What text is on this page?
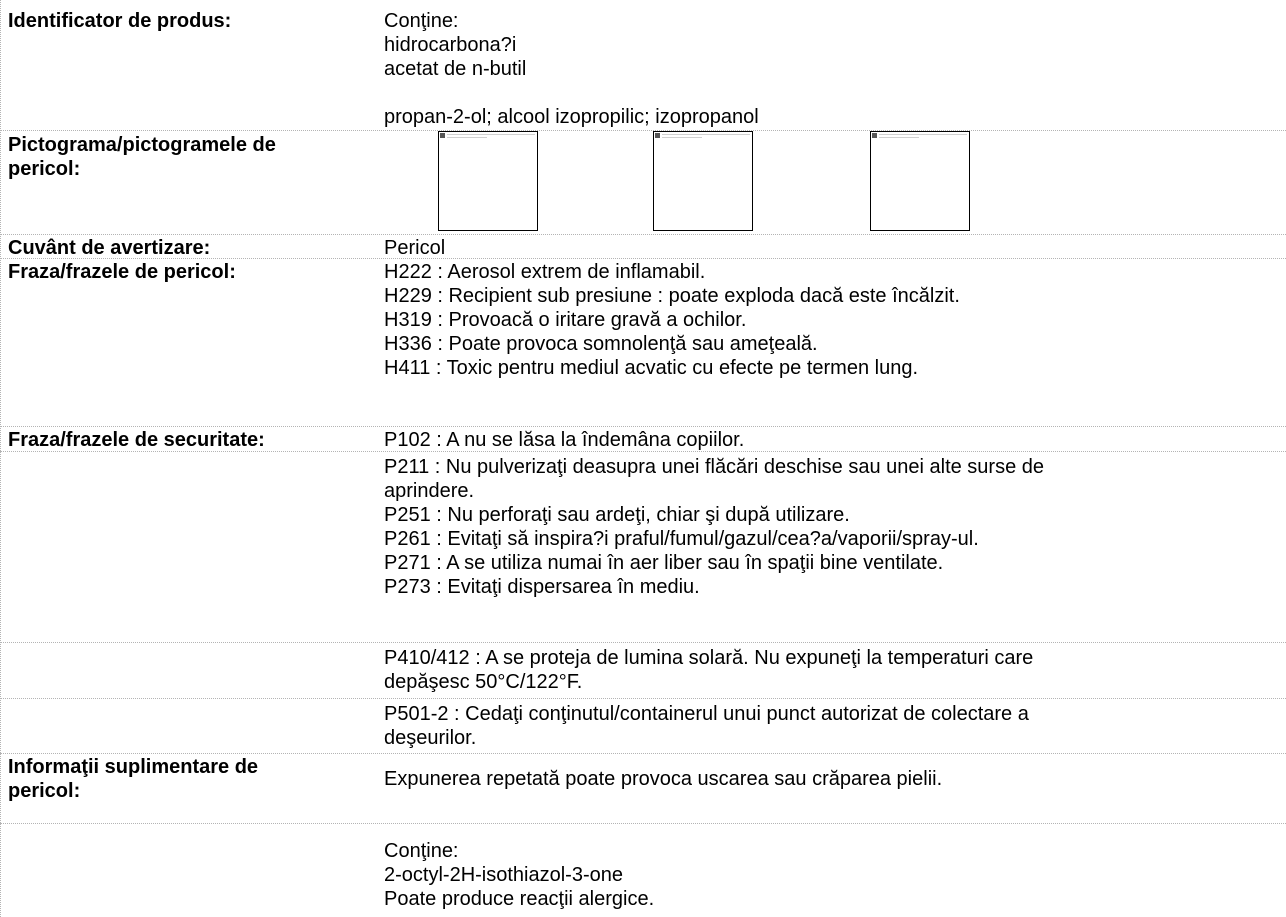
Identificator de produs:	Conţine:
hidrocarbona?i
acetat de n-butil
propan-2-ol; alcool izopropilic; izopropanol
Pictograma/pictogramele de pericol:
Cuvânt de avertizare:	Pericol
Fraza/frazele de pericol:	H222 : Aerosol extrem de inflamabil.
H229 : Recipient sub presiune : poate exploda dacă este încălzit.
H319 : Provoacă o iritare gravă a ochilor.
H336 : Poate provoca somnolenţă sau ameţeală.
H411 : Toxic pentru mediul acvatic cu efecte pe termen lung.
Fraza/frazele de securitate:	P102 : A nu se lăsa la îndemâna copiilor.
P211 : Nu pulverizaţi deasupra unei flăcări deschise sau unei alte surse de
aprindere.
P251 : Nu perforaţi sau ardeţi, chiar şi după utilizare.
P261 : Evitaţi să inspira?i praful/fumul/gazul/cea?a/vaporii/spray-ul.
P271 : A se utiliza numai în aer liber sau în spaţii bine ventilate.
P273 : Evitaţi dispersarea în mediu.
P410/412 : A se proteja de lumina solară. Nu expuneţi la temperaturi care
depăşesc 50°C/122°F.
P501-2 : Cedaţi conţinutul/containerul unui punct autorizat de colectare a
deşeurilor.
Informaţii suplimentare de pericol:
Expunerea repetată poate provoca uscarea sau crăparea pielii.
Conţine:
2-octyl-2H-isothiazol-3-one
Poate produce reacţii alergice.
